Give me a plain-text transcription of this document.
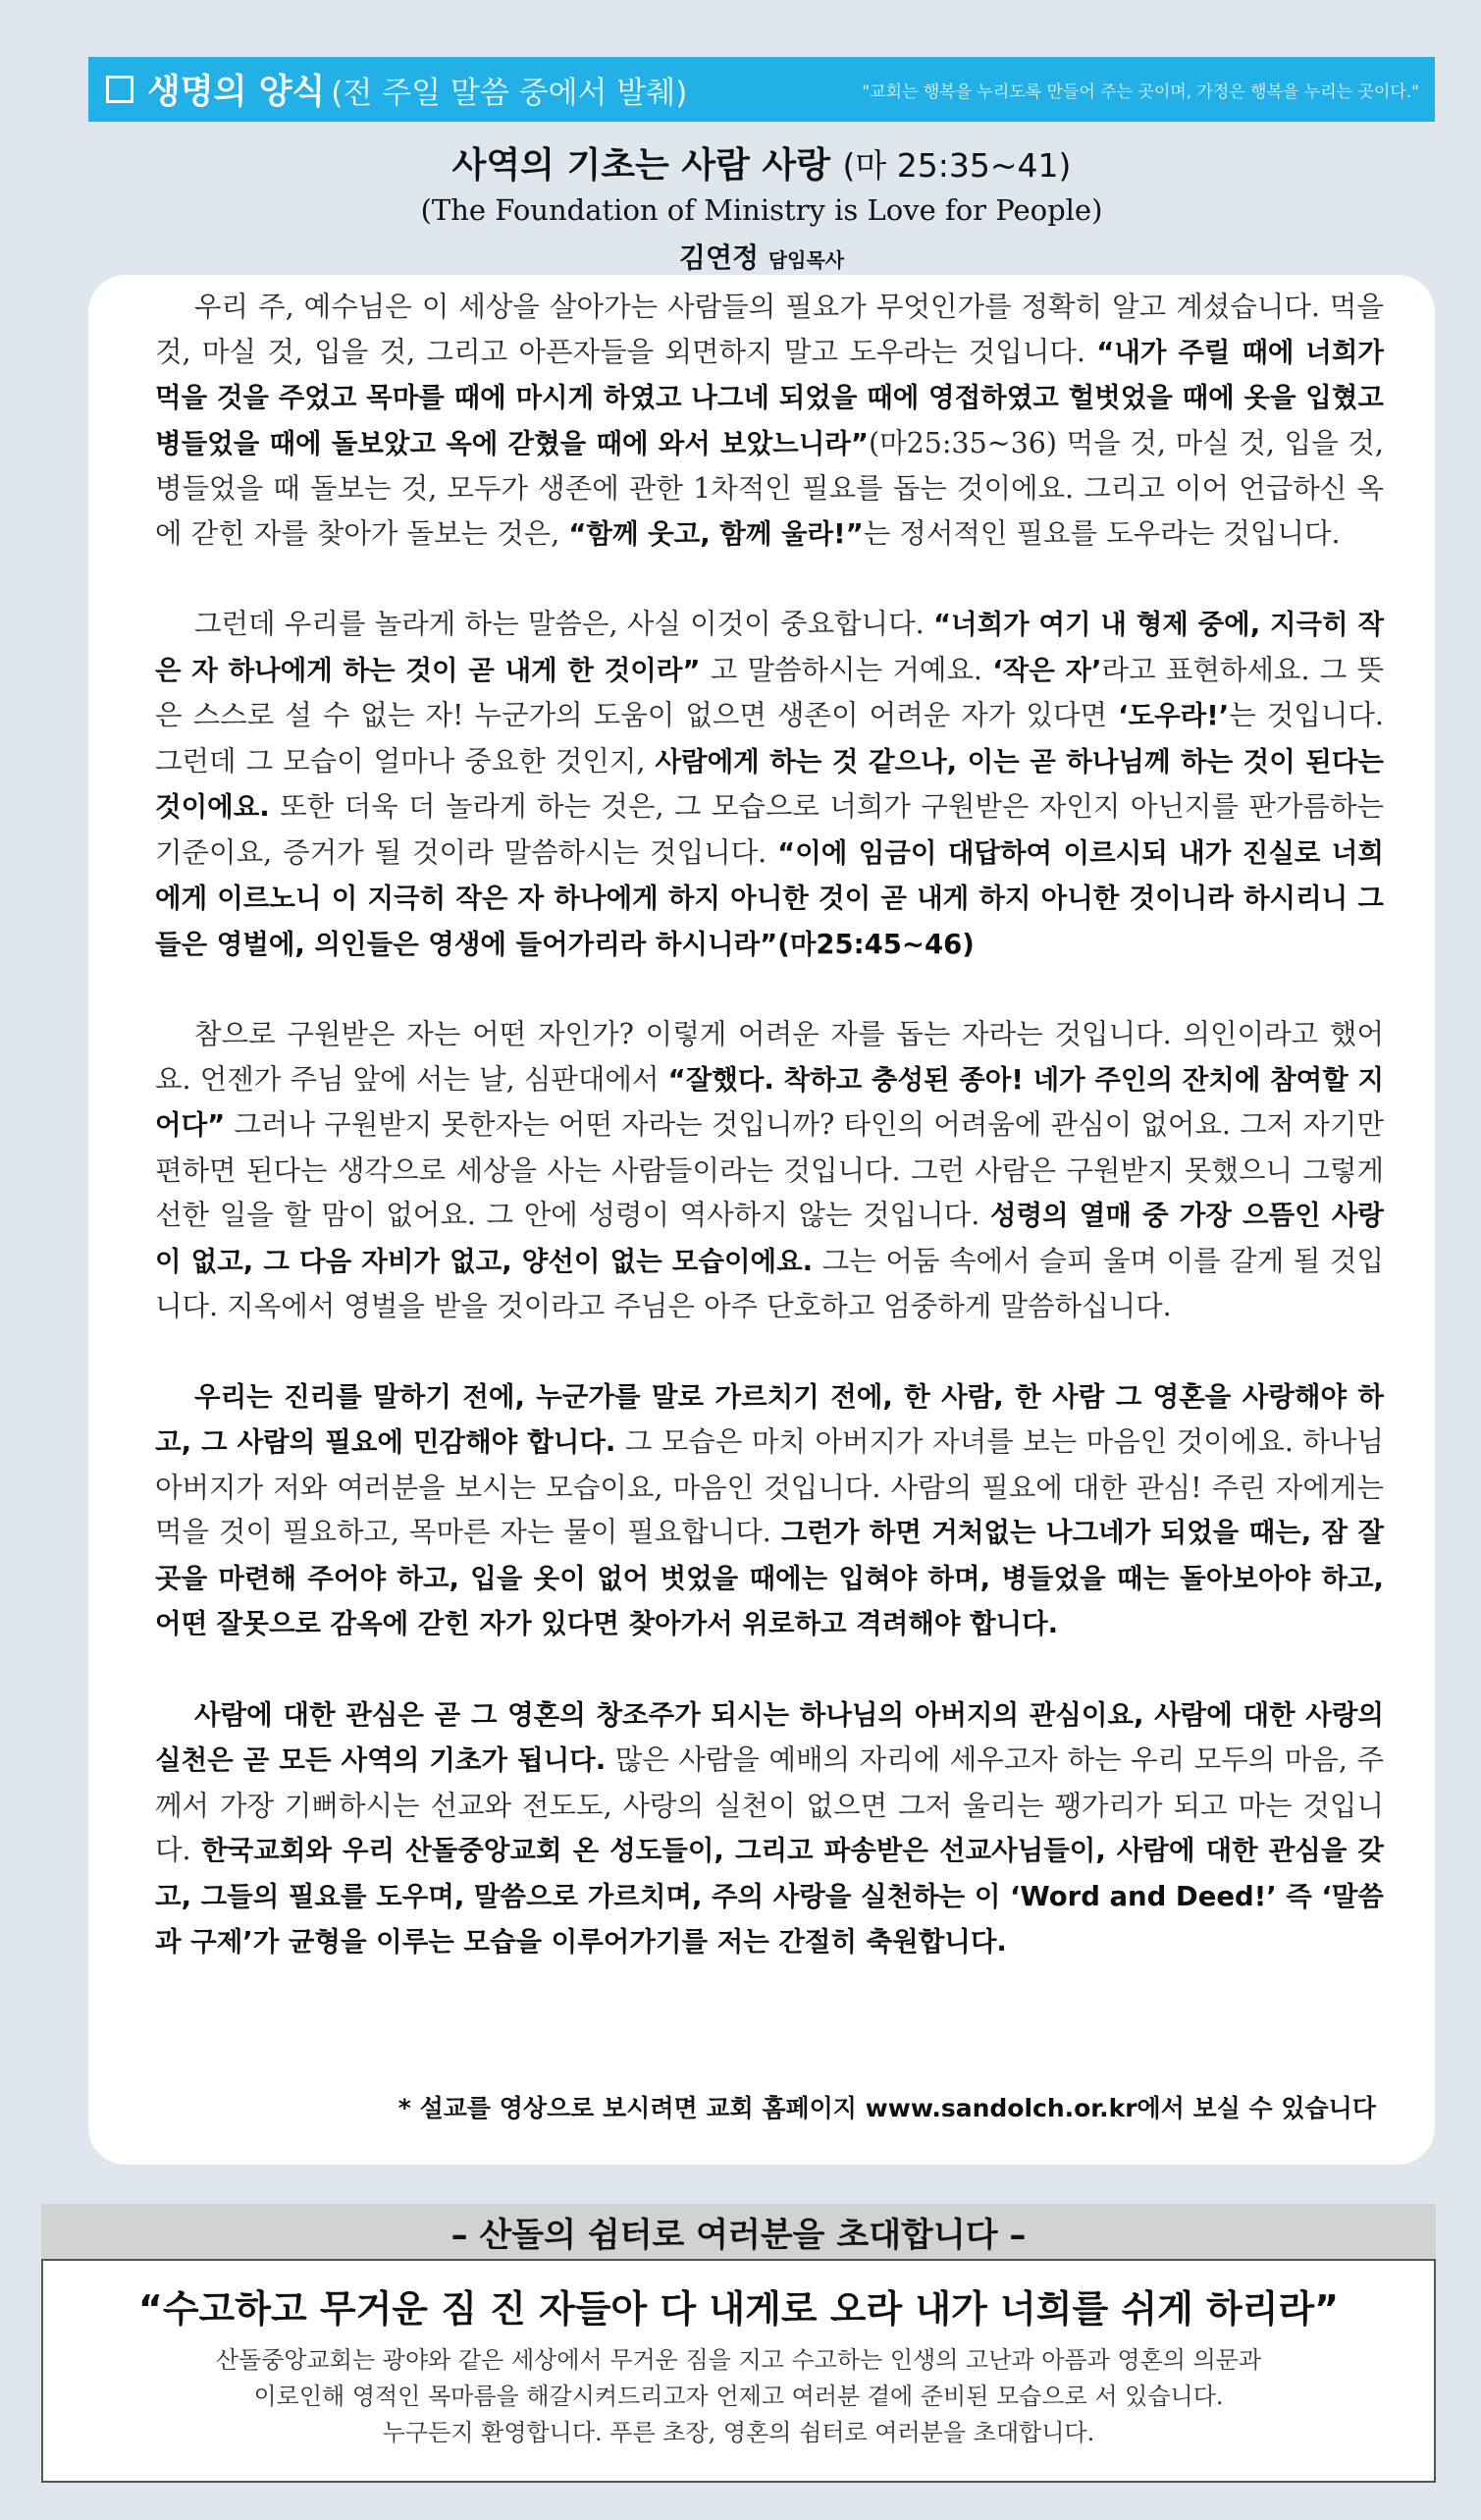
생명의 양식 (전 주일 말씀 중에서 발췌)	"교회는 행복을 누리도록 만들어 주는 곳이며, 가정은 행복을 누리는 곳이다."
사역의 기초는 사람 사랑 (마 25:35~41)
(The Foundation of Ministry is Love for People)
김연정 담임목사

우리 주, 예수님은 이 세상을 살아가는 사람들의 필요가 무엇인가를 정확히 알고 계셨습니다. 먹을 것, 마실 것, 입을 것, 그리고 아픈자들을 외면하지 말고 도우라는 것입니다. “내가 주릴 때에 너희가 먹을 것을 주었고 목마를 때에 마시게 하였고 나그네 되었을 때에 영접하였고 헐벗었을 때에 옷을 입혔고 병들었을 때에 돌보았고 옥에 갇혔을 때에 와서 보았느니라”(마25:35~36) 먹을 것, 마실 것, 입을 것, 병들었을 때 돌보는 것, 모두가 생존에 관한 1차적인 필요를 돕는 것이에요. 그리고 이어 언급하신 옥에 갇힌 자를 찾아가 돌보는 것은, “함께 웃고, 함께 울라!”는 정서적인 필요를 도우라는 것입니다.

그런데 우리를 놀라게 하는 말씀은, 사실 이것이 중요합니다. “너희가 여기 내 형제 중에, 지극히 작은 자 하나에게 하는 것이 곧 내게 한 것이라” 고 말씀하시는 거예요. ‘작은 자’라고 표현하세요. 그 뜻은 스스로 설 수 없는 자! 누군가의 도움이 없으면 생존이 어려운 자가 있다면 ‘도우라!’는 것입니다. 그런데 그 모습이 얼마나 중요한 것인지, 사람에게 하는 것 같으나, 이는 곧 하나님께 하는 것이 된다는 것이에요. 또한 더욱 더 놀라게 하는 것은, 그 모습으로 너희가 구원받은 자인지 아닌지를 판가름하는 기준이요, 증거가 될 것이라 말씀하시는 것입니다. “이에 임금이 대답하여 이르시되 내가 진실로 너희에게 이르노니 이 지극히 작은 자 하나에게 하지 아니한 것이 곧 내게 하지 아니한 것이니라 하시리니 그들은 영벌에, 의인들은 영생에 들어가리라 하시니라”(마25:45~46)

참으로 구원받은 자는 어떤 자인가? 이렇게 어려운 자를 돕는 자라는 것입니다. 의인이라고 했어요. 언젠가 주님 앞에 서는 날, 심판대에서 “잘했다. 착하고 충성된 종아! 네가 주인의 잔치에 참여할 지어다” 그러나 구원받지 못한자는 어떤 자라는 것입니까? 타인의 어려움에 관심이 없어요. 그저 자기만 편하면 된다는 생각으로 세상을 사는 사람들이라는 것입니다. 그런 사람은 구원받지 못했으니 그렇게 선한 일을 할 맘이 없어요. 그 안에 성령이 역사하지 않는 것입니다. 성령의 열매 중 가장 으뜸인 사랑이 없고, 그 다음 자비가 없고, 양선이 없는 모습이에요. 그는 어둠 속에서 슬피 울며 이를 갈게 될 것입니다. 지옥에서 영벌을 받을 것이라고 주님은 아주 단호하고 엄중하게 말씀하십니다.

우리는 진리를 말하기 전에, 누군가를 말로 가르치기 전에, 한 사람, 한 사람 그 영혼을 사랑해야 하고, 그 사람의 필요에 민감해야 합니다. 그 모습은 마치 아버지가 자녀를 보는 마음인 것이에요. 하나님 아버지가 저와 여러분을 보시는 모습이요, 마음인 것입니다. 사람의 필요에 대한 관심! 주린 자에게는 먹을 것이 필요하고, 목마른 자는 물이 필요합니다. 그런가 하면 거처없는 나그네가 되었을 때는, 잠 잘 곳을 마련해 주어야 하고, 입을 옷이 없어 벗었을 때에는 입혀야 하며, 병들었을 때는 돌아보아야 하고, 어떤 잘못으로 감옥에 갇힌 자가 있다면 찾아가서 위로하고 격려해야 합니다.

사람에 대한 관심은 곧 그 영혼의 창조주가 되시는 하나님의 아버지의 관심이요, 사람에 대한 사랑의 실천은 곧 모든 사역의 기초가 됩니다. 많은 사람을 예배의 자리에 세우고자 하는 우리 모두의 마음, 주께서 가장 기뻐하시는 선교와 전도도, 사랑의 실천이 없으면 그저 울리는 꽹가리가 되고 마는 것입니다. 한국교회와 우리 산돌중앙교회 온 성도들이, 그리고 파송받은 선교사님들이, 사람에 대한 관심을 갖고, 그들의 필요를 도우며, 말씀으로 가르치며, 주의 사랑을 실천하는 이 ‘Word and Deed!’ 즉 ‘말씀과 구제’가 균형을 이루는 모습을 이루어가기를 저는 간절히 축원합니다.

* 설교를 영상으로 보시려면 교회 홈페이지 www.sandolch.or.kr에서 보실 수 있습니다
– 산돌의 쉼터로 여러분을 초대합니다 –
“수고하고 무거운 짐 진 자들아 다 내게로 오라 내가 너희를 쉬게 하리라”
산돌중앙교회는 광야와 같은 세상에서 무거운 짐을 지고 수고하는 인생의 고난과 아픔과 영혼의 의문과
이로인해 영적인 목마름을 해갈시켜드리고자 언제고 여러분 곁에 준비된 모습으로 서 있습니다.
누구든지 환영합니다. 푸른 초장, 영혼의 쉼터로 여러분을 초대합니다.
